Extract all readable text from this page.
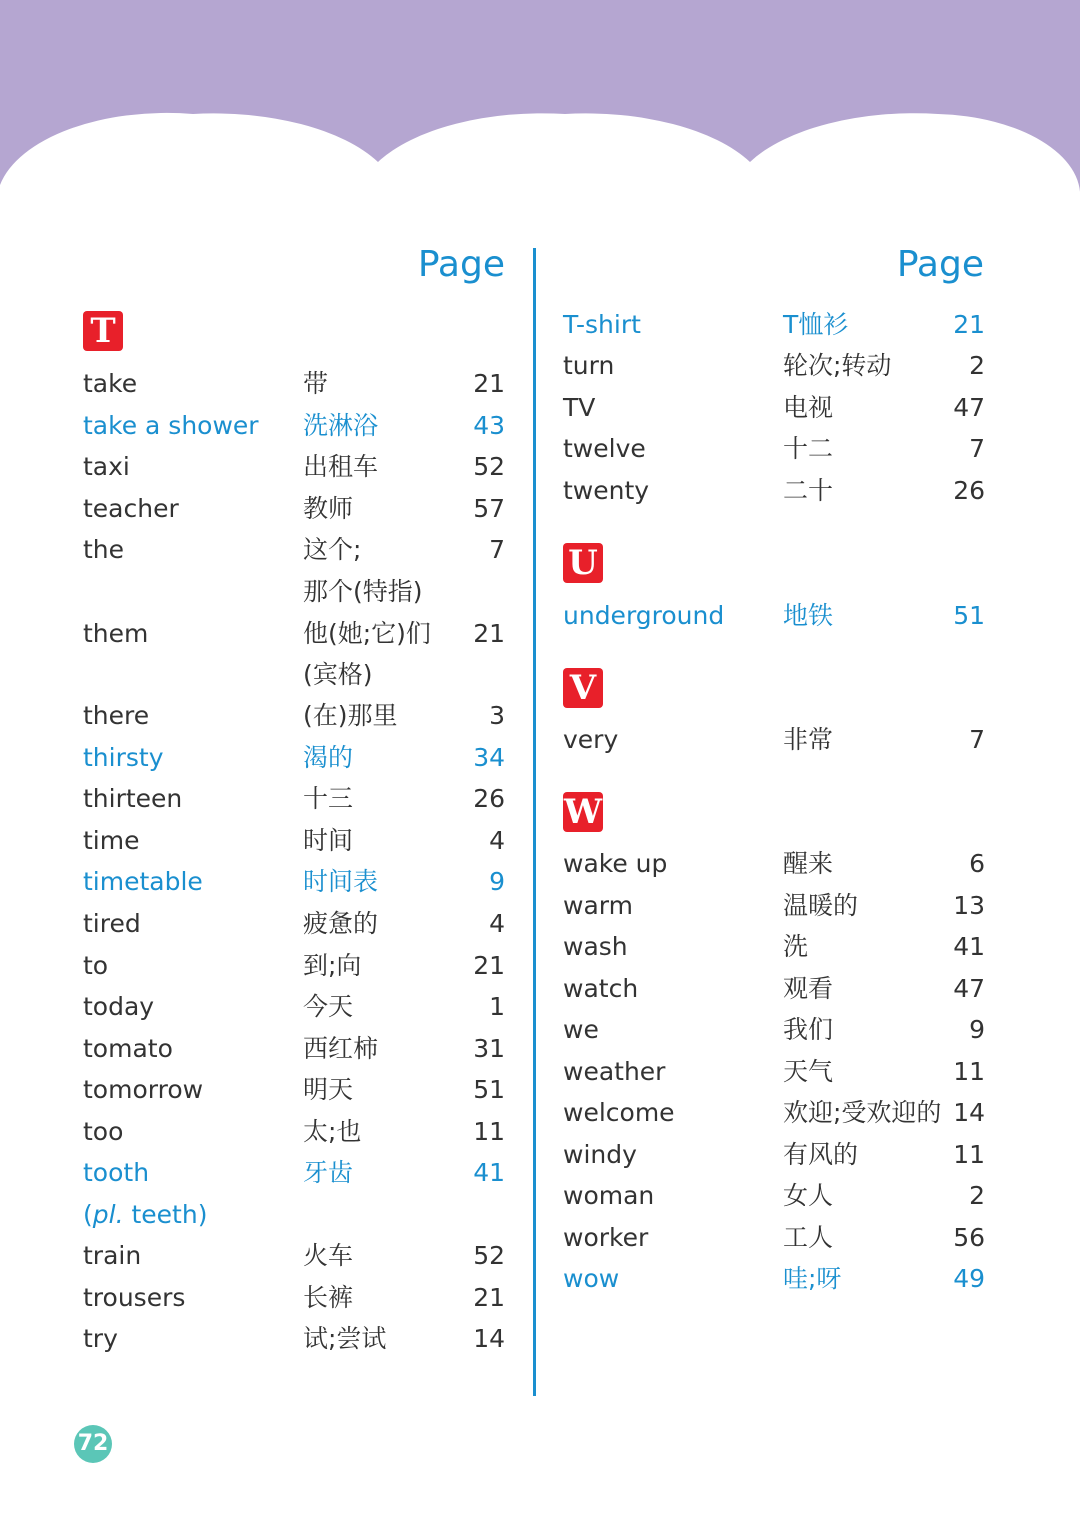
Page
T
take	带	21
take a shower 洗淋浴	43
taxi	出租车	52
teacher	教师	57
the	这个;	7
那个(特指)
them	他(她;它)们 21
(宾格)
there	(在)那里	3
thirsty	渴的	34
thirteen	十三	26
time	时间	4
timetable	时间表	9
tired	疲惫的	4
to	到;向	21
today	今天	1
tomato	西红柿	31
tomorrow	明天	51
too	太;也	11
tooth	牙齿	41
(pl. teeth)
train	火车	52
trousers	长裤	21
try	试;尝试	14
Page
T-shirt	T恤衫	21
turn	轮次;转动	2
TV	电视	47
twelve	十二	7
twenty	二十	26
U
underground 地铁	51
V
very	非常	7
W
wake up	醒来	6
warm	温暖的	13
wash	洗	41
watch	观看	47
we	我们	9
weather	天气	11
welcome	欢迎;受欢迎的 14
windy	有风的	11
woman	女人	2
worker	工人	56
wow	哇;呀	49
72
